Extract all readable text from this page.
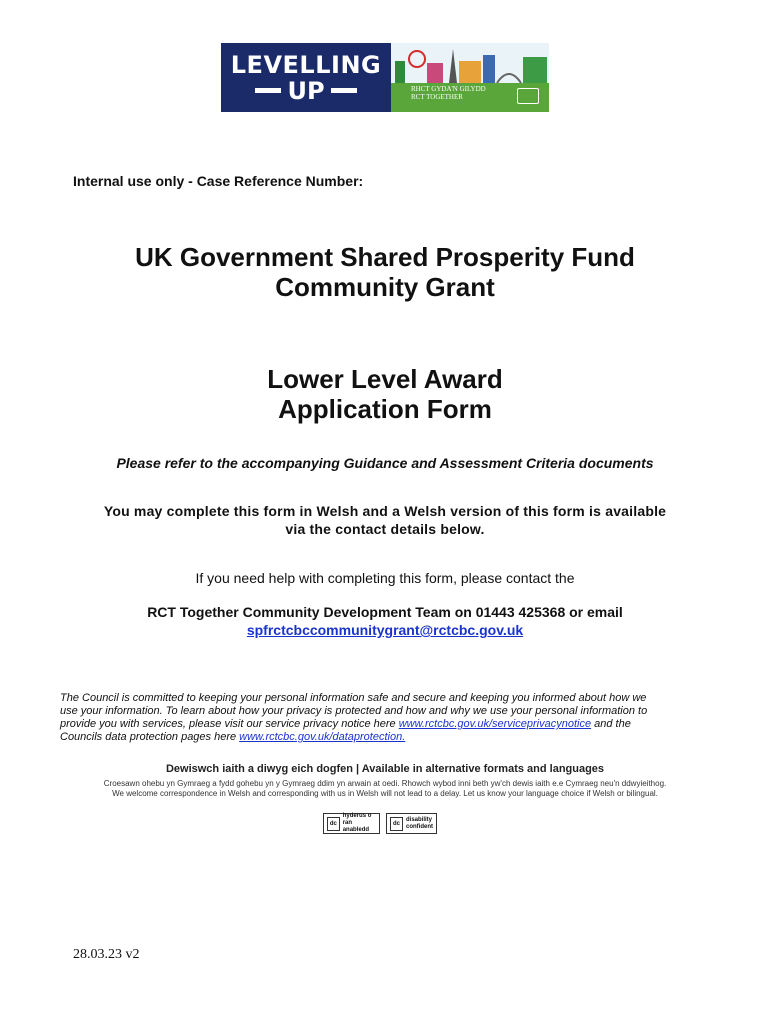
LEVELLING
UP	RHCT GYDA'N GILYDD
RCT TOGETHER
Internal use only - Case Reference Number:
UK Government Shared Prosperity Fund
Community Grant
Lower Level Award
Application Form
Please refer to the accompanying Guidance and Assessment Criteria documents
You may complete this form in Welsh and a Welsh version of this form is available
via the contact details below.
If you need help with completing this form, please contact the
RCT Together Community Development Team on 01443 425368 or email
spfrctcbccommunitygrant@rctcbc.gov.uk
The Council is committed to keeping your personal information safe and secure and keeping you informed about how we
use your information. To learn about how your privacy is protected and how and why we use your personal information to
provide you with services, please visit our service privacy notice here www.rctcbc.gov.uk/serviceprivacynotice and the
Councils data protection pages here www.rctcbc.gov.uk/dataprotection.
Dewiswch iaith a diwyg eich dogfen | Available in alternative formats and languages
Croesawn ohebu yn Gymraeg a fydd gohebu yn y Gymraeg ddim yn arwain at oedi. Rhowch wybod inni beth yw'ch dewis iaith e.e Cymraeg neu'n ddwyieithog.
We welcome correspondence in Welsh and corresponding with us in Welsh will not lead to a delay. Let us know your language choice if Welsh or bilingual.
dc
hyderus o
ran anabledd
dc
disability
confident
28.03.23 v2
